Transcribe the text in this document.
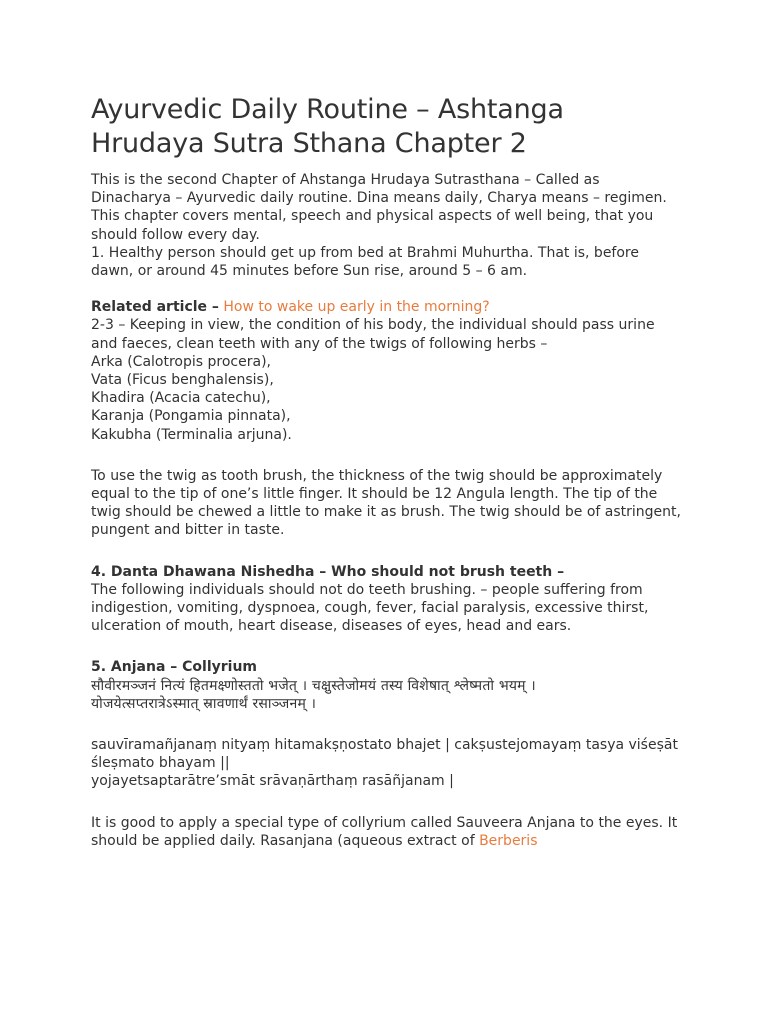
Ayurvedic Daily Routine – Ashtanga Hrudaya Sutra Sthana Chapter 2

This is the second Chapter of Ahstanga Hrudaya Sutrasthana – Called as Dinacharya – Ayurvedic daily routine. Dina means daily, Charya means – regimen. This chapter covers mental, speech and physical aspects of well being, that you should follow every day.

1. Healthy person should get up from bed at Brahmi Muhurtha. That is, before dawn, or around 45 minutes before Sun rise, around 5 – 6 am.

Related article – How to wake up early in the morning?

2-3 – Keeping in view, the condition of his body, the individual should pass urine and faeces, clean teeth with any of the twigs of following herbs –

Arka (Calotropis procera),

Vata (Ficus benghalensis),

Khadira (Acacia catechu),

Karanja (Pongamia pinnata),

Kakubha (Terminalia arjuna).

To use the twig as tooth brush, the thickness of the twig should be approximately equal to the tip of one’s little finger. It should be 12 Angula length. The tip of the twig should be chewed a little to make it as brush. The twig should be of astringent, pungent and bitter in taste.

4. Danta Dhawana Nishedha – Who should not brush teeth –

The following individuals should not do teeth brushing. – people suffering from indigestion, vomiting, dyspnoea, cough, fever, facial paralysis, excessive thirst, ulceration of mouth, heart disease, diseases of eyes, head and ears.

5. Anjana – Collyrium

सौवीरमञ्जनं नित्यं हितमक्ष्णोस्ततो भजेत् । चक्षुस्तेजोमयं तस्य विशेषात् श्लेष्मतो भयम् ।

योजयेत्सप्तरात्रेऽस्मात् स्रावणार्थं रसाञ्जनम् ।

sauvīramañjanaṃ nityaṃ hitamakṣṇostato bhajet | cakṣustejomayaṃ tasya viśeṣāt śleṣmato bhayam ||

yojayetsaptarātre’smāt srāvaṇārthaṃ rasāñjanam |

It is good to apply a special type of collyrium called Sauveera Anjana to the eyes. It should be applied daily. Rasanjana (aqueous extract of Berberis
